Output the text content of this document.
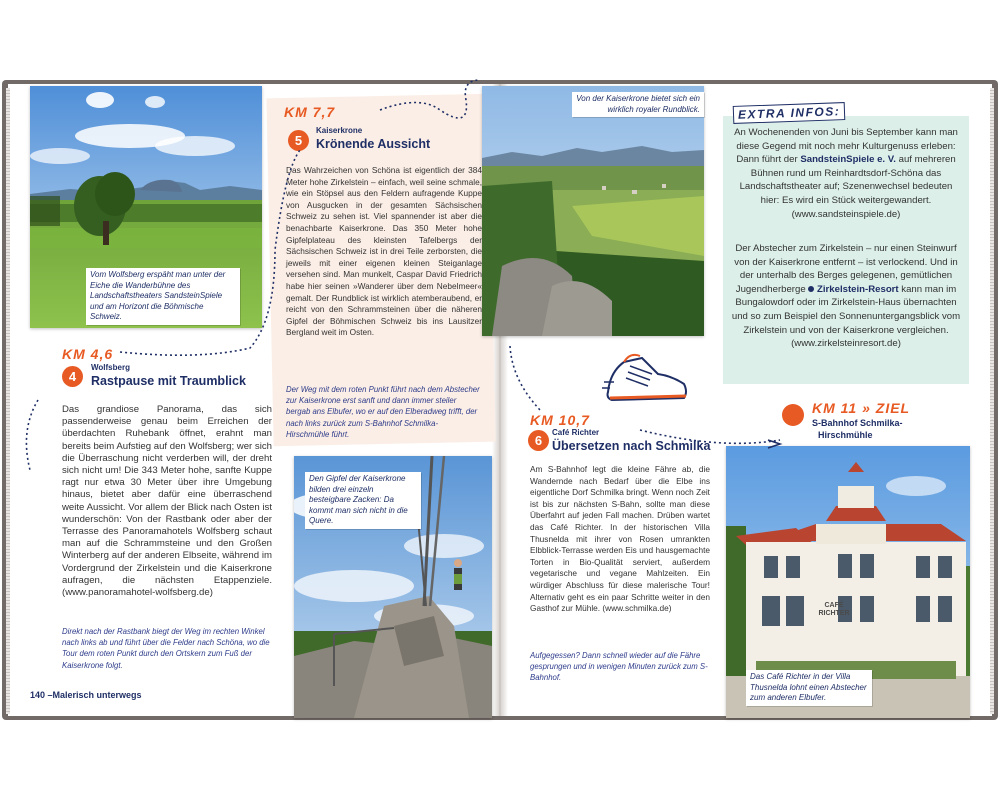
Vom Wolfsberg erspäht man unter der Eiche die Wanderbühne des Landschaftstheaters SandsteinSpiele und am Horizont die Böhmische Schweiz.
KM 7,7
5
Kaiserkrone
Krönende Aussicht
Das Wahrzeichen von Schöna ist eigentlich der 384 Meter hohe Zirkelstein – einfach, weil seine schmale, wie ein Stöpsel aus den Feldern aufragende Kuppe von Ausgucken in der gesamten Sächsischen Schweiz zu sehen ist. Viel spannender ist aber die benachbarte Kaiserkrone. Das 350 Meter hohe Gipfelplateau des kleinsten Tafelbergs der Sächsischen Schweiz ist in drei Teile zerborsten, die jeweils mit einer eigenen kleinen Steiganlage versehen sind. Man munkelt, Caspar David Friedrich habe hier seinen »Wanderer über dem Nebelmeer« gemalt. Der Rundblick ist wirklich atemberaubend, er reicht von den Schrammsteinen über die näheren Gipfel der Böhmischen Schweiz bis ins Lausitzer Bergland weit im Osten.
Der Weg mit dem roten Punkt führt nach dem Abstecher zur Kaiserkrone erst sanft und dann immer steiler bergab ans Elbufer, wo er auf den Elberadweg trifft, der nach links zurück zum S-Bahnhof Schmilka-Hirschmühle führt.
KM 4,6
4
Wolfsberg
Rastpause mit Traumblick
Das grandiose Panorama, das sich passenderweise genau beim Erreichen der überdachten Ruhebank öffnet, erahnt man bereits beim Aufstieg auf den Wolfsberg; wer sich die Überraschung nicht verderben will, der dreht sich nicht um! Die 343 Meter hohe, sanfte Kuppe ragt nur etwa 30 Meter über ihre Umgebung hinaus, bietet aber dafür eine überraschend weite Aussicht. Vor allem der Blick nach Osten ist wunderschön: Von der Rastbank oder aber der Terrasse des Panoramahotels Wolfsberg schaut man auf die Schrammsteine und den Großen Winterberg auf der anderen Elbseite, während im Vordergrund der Zirkelstein und die Kaiserkrone aufragen, die nächsten Etappenziele. (www.panoramahotel-wolfsberg.de)
Direkt nach der Rastbank biegt der Weg im rechten Winkel nach links ab und führt über die Felder nach Schöna, wo die Tour dem roten Punkt durch den Ortskern zum Fuß der Kaiserkrone folgt.
Den Gipfel der Kaiserkrone bilden drei einzeln besteigbare Zacken: Da kommt man sich nicht in die Quere.
140 –Malerisch unterwegs
Von der Kaiserkrone bietet sich ein wirklich royaler Rundblick.	EXTRA INFOS:
An Wochenenden von Juni bis September kann man diese Gegend mit noch mehr Kulturgenuss erleben: Dann führt der SandsteinSpiele e. V. auf mehreren Bühnen rund um Reinhardtsdorf-Schöna das Landschaftstheater auf; Szenenwechsel bedeuten hier: Es wird ein Stück weitergewandert. (www.sandsteinspiele.de)
Der Abstecher zum Zirkelstein – nur einen Steinwurf von der Kaiserkrone entfernt – ist verlockend. Und in der unterhalb des Berges gelegenen, gemütlichen Jugendherberge Zirkelstein-Resort kann man im Bungalowdorf oder im Zirkelstein-Haus übernachten und so zum Beispiel den Sonnenuntergangsblick vom Zirkelstein und von der Kaiserkrone vergleichen. (www.zirkelsteinresort.de)
KM 10,7
6
Café Richter
Übersetzen nach Schmilka
Am S-Bahnhof legt die kleine Fähre ab, die Wandernde nach Bedarf über die Elbe ins eigentliche Dorf Schmilka bringt. Wenn noch Zeit ist bis zur nächsten S-Bahn, sollte man diese Überfahrt auf jeden Fall machen. Drüben wartet das Café Richter. In der historischen Villa Thusnelda mit ihrer von Rosen umrankten Elbblick-Terrasse werden Eis und hausgemachte Torten in Bio-Qualität serviert, außerdem vegetarische und vegane Mahlzeiten. Ein würdiger Abschluss für diese malerische Tour! Alternativ geht es ein paar Schritte weiter in den Gasthof zur Mühle. (www.schmilka.de)
Aufgegessen? Dann schnell wieder auf die Fähre gesprungen und in wenigen Minuten zurück zum S-Bahnhof.
KM 11 » ZIEL
S-Bahnhof Schmilka-
Hirschmühle
CAFÉ RICHTER
Das Café Richter in der Villa Thusnelda lohnt einen Abstecher zum anderen Elbufer.
